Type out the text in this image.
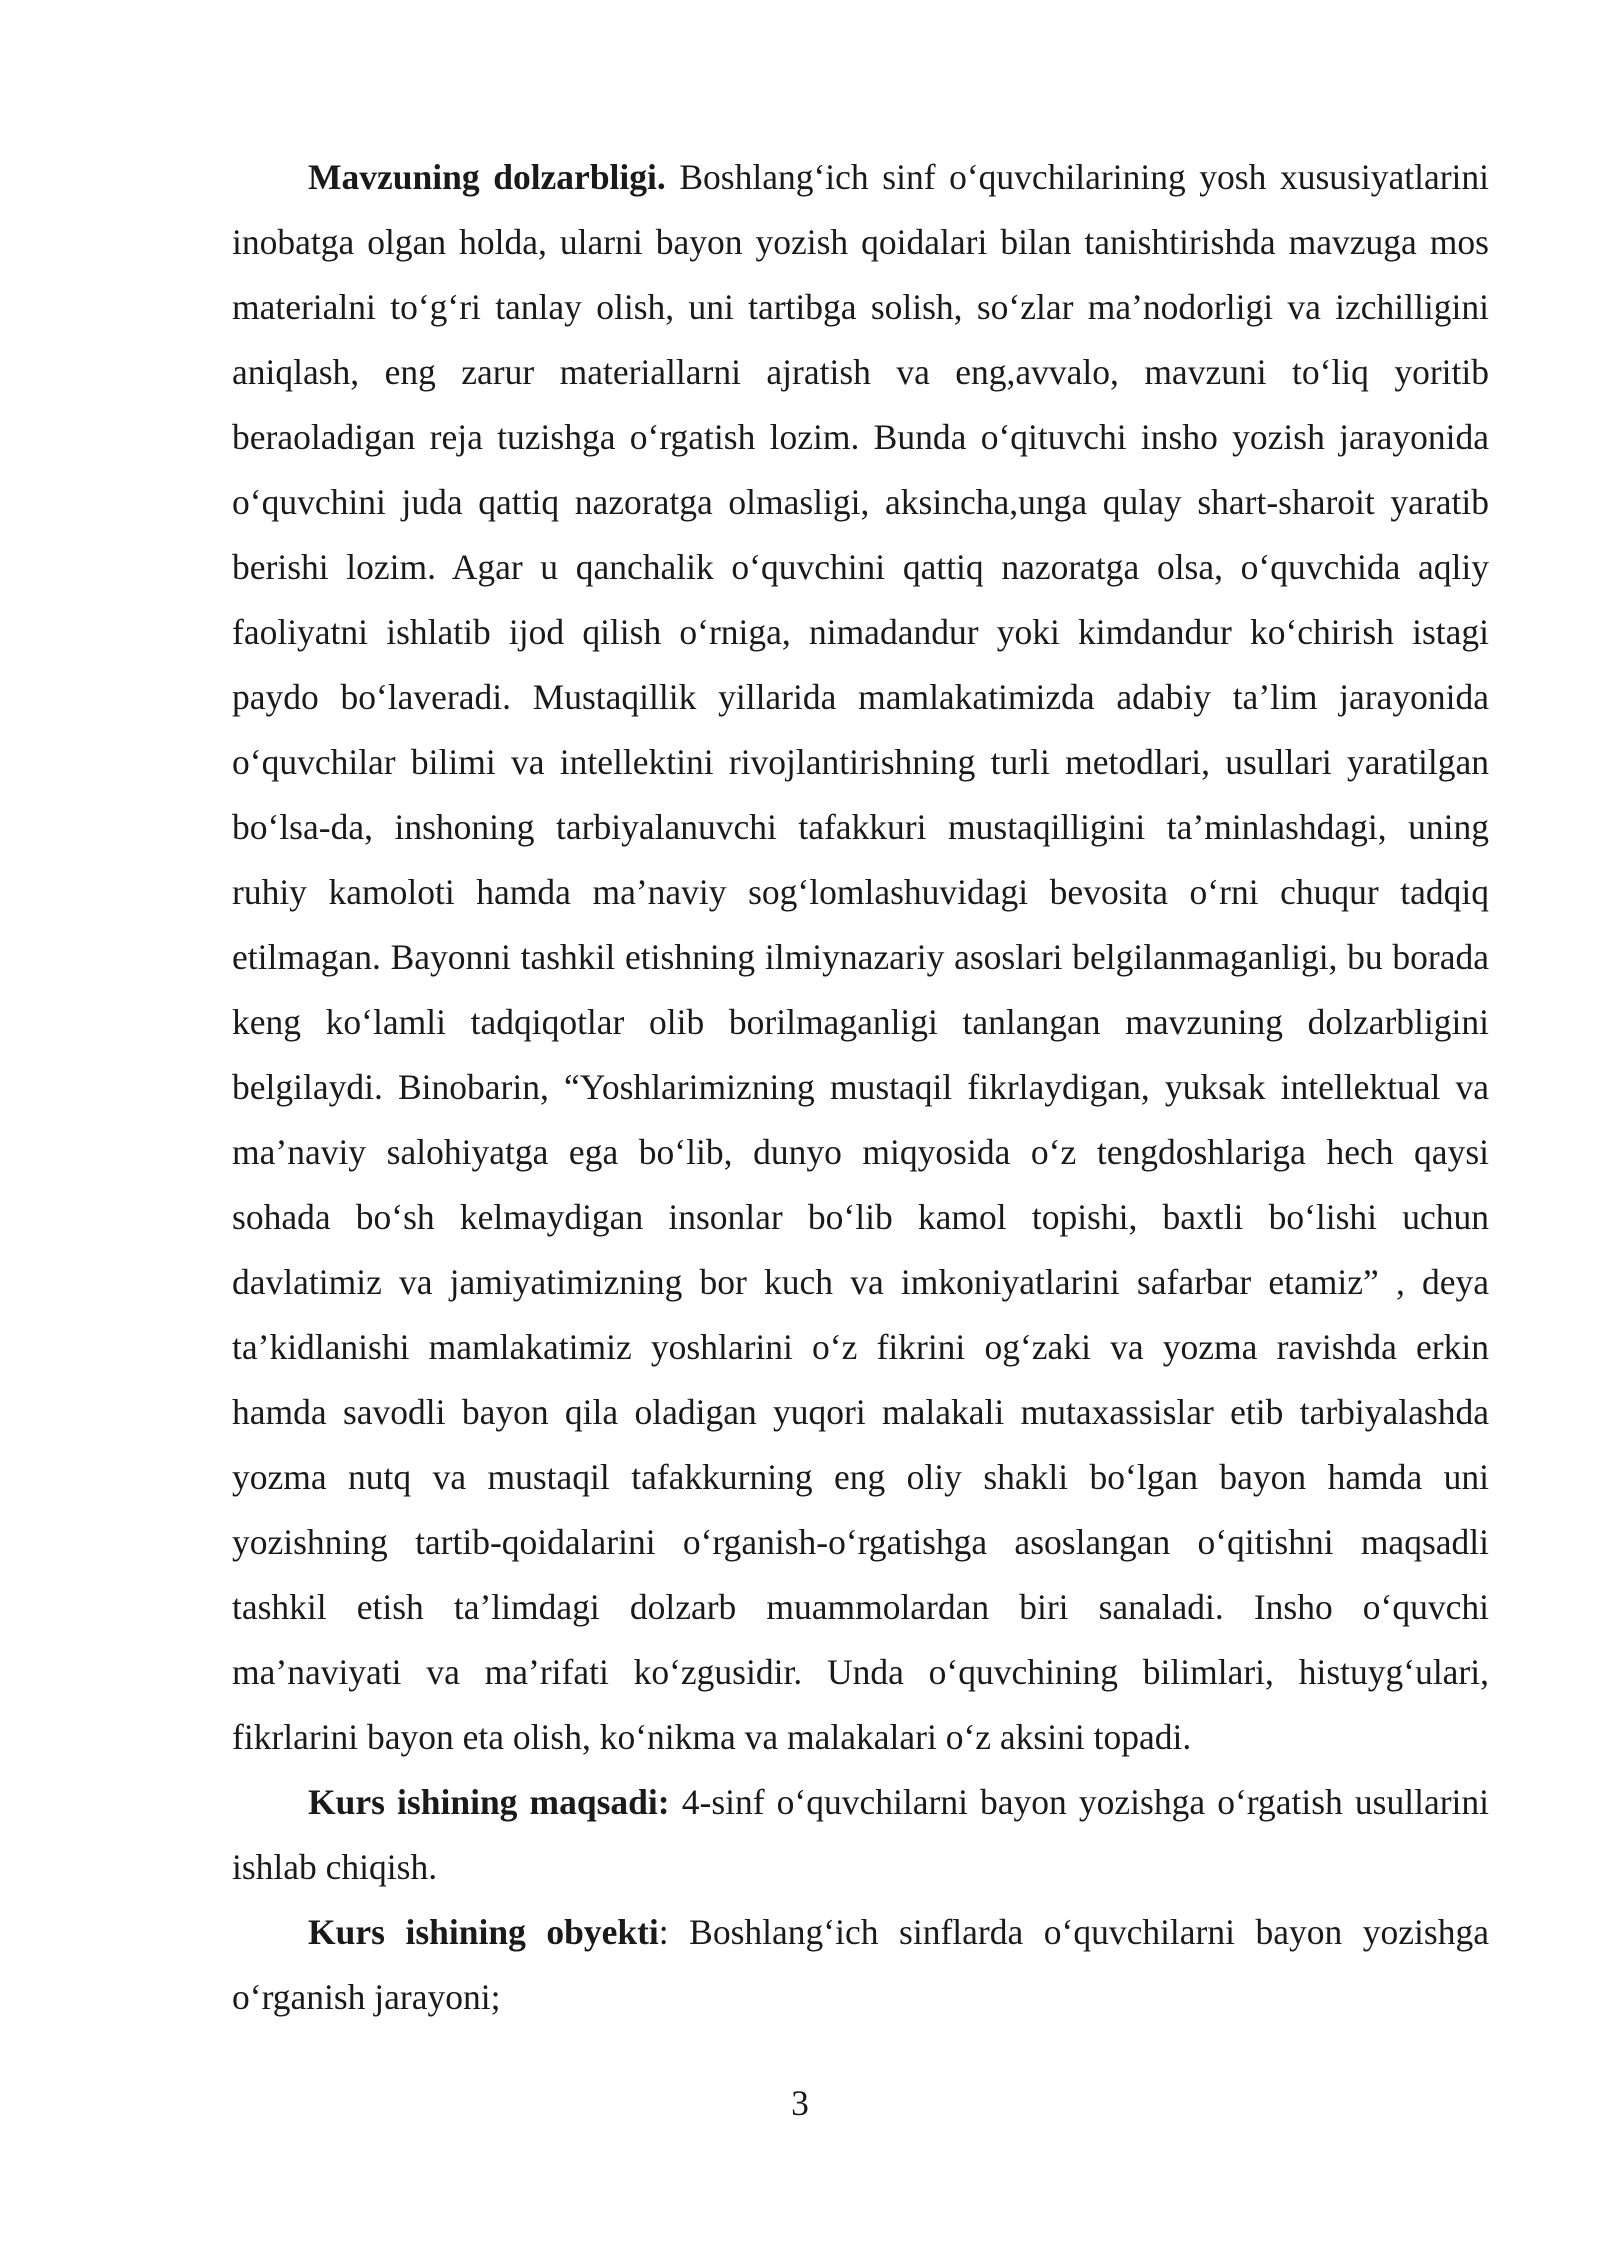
Mavzuning dolzarbligi. Boshlang‘ich sinf o‘quvchilarining yosh xususiyatlarini inobatga olgan holda, ularni bayon yozish qoidalari bilan tanishtirishda mavzuga mos materialni to‘g‘ri tanlay olish, uni tartibga solish, so‘zlar ma’nodorligi va izchilligini aniqlash, eng zarur materiallarni ajratish va eng,avvalo, mavzuni to‘liq yoritib beraoladigan reja tuzishga o‘rgatish lozim. Bunda o‘qituvchi insho yozish jarayonida o‘quvchini juda qattiq nazoratga olmasligi, aksincha,unga qulay shart-sharoit yaratib berishi lozim. Agar u qanchalik o‘quvchini qattiq nazoratga olsa, o‘quvchida aqliy faoliyatni ishlatib ijod qilish o‘rniga, nimadandur yoki kimdandur ko‘chirish istagi paydo bo‘laveradi. Mustaqillik yillarida mamlakatimizda adabiy ta’lim jarayonida o‘quvchilar bilimi va intellektini rivojlantirishning turli metodlari, usullari yaratilgan bo‘lsa-da, inshoning tarbiyalanuvchi tafakkuri mustaqilligini ta’minlashdagi, uning ruhiy kamoloti hamda ma’naviy sog‘lomlashuvidagi bevosita o‘rni chuqur tadqiq etilmagan. Bayonni tashkil etishning ilmiynazariy asoslari belgilanmaganligi, bu borada keng ko‘lamli tadqiqotlar olib borilmaganligi tanlangan mavzuning dolzarbligini belgilaydi. Binobarin, “Yoshlarimizning mustaqil fikrlaydigan, yuksak intellektual va ma’naviy salohiyatga ega bo‘lib, dunyo miqyosida o‘z tengdoshlariga hech qaysi sohada bo‘sh kelmaydigan insonlar bo‘lib kamol topishi, baxtli bo‘lishi uchun davlatimiz va jamiyatimizning bor kuch va imkoniyatlarini safarbar etamiz” , deya ta’kidlanishi mamlakatimiz yoshlarini o‘z fikrini og‘zaki va yozma ravishda erkin hamda savodli bayon qila oladigan yuqori malakali mutaxassislar etib tarbiyalashda yozma nutq va mustaqil tafakkurning eng oliy shakli bo‘lgan bayon hamda uni yozishning tartib-qoidalarini o‘rganish-o‘rgatishga asoslangan o‘qitishni maqsadli tashkil etish ta’limdagi dolzarb muammolardan biri sanaladi. Insho o‘quvchi ma’naviyati va ma’rifati ko‘zgusidir. Unda o‘quvchining bilimlari, histuyg‘ulari, fikrlarini bayon eta olish, ko‘nikma va malakalari o‘z aksini topadi.

Kurs ishining maqsadi: 4-sinf o‘quvchilarni bayon yozishga o‘rgatish usullarini ishlab chiqish.

Kurs ishining obyekti: Boshlang‘ich sinflarda o‘quvchilarni bayon yozishga o‘rganish jarayoni;

3
